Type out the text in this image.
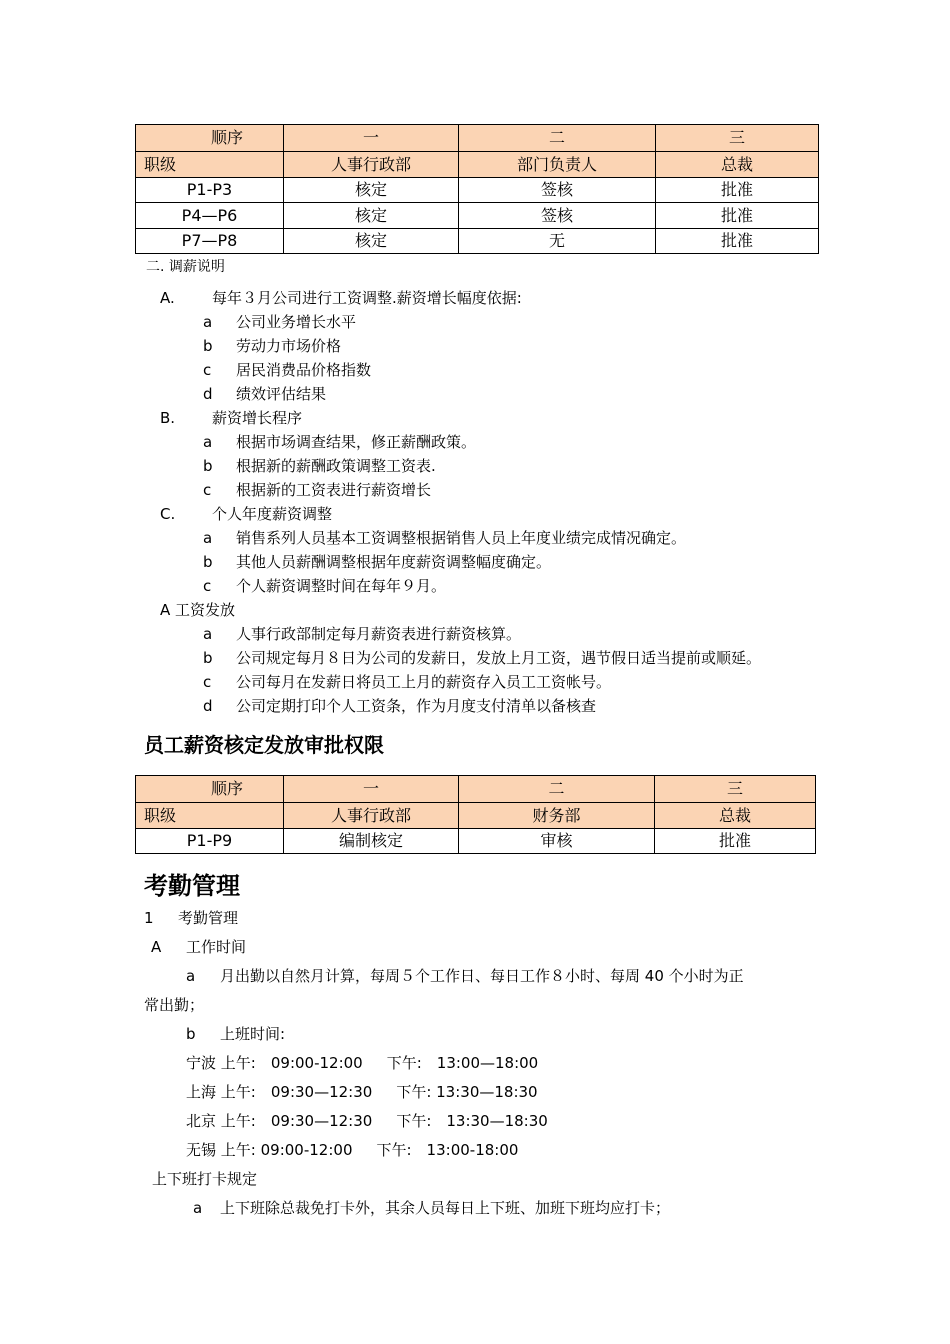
顺序	一	二	三
职级	人事行政部	部门负责人	总裁
P1-P3	核定	签核	批准
P4—P6	核定	签核	批准
P7—P8	核定	无	批准
二. 调薪说明
A. 每年３月公司进行工资调整.薪资增长幅度依据:
a 公司业务增长水平
b 劳动力市场价格
c 居民消费品价格指数
d 绩效评估结果
B. 薪资增长程序
a 根据市场调查结果，修正薪酬政策。
b 根据新的薪酬政策调整工资表.
c 根据新的工资表进行薪资增长
C. 个人年度薪资调整
a 销售系列人员基本工资调整根据销售人员上年度业绩完成情况确定。
b 其他人员薪酬调整根据年度薪资调整幅度确定。
c 个人薪资调整时间在每年９月。
A 工资发放
a 人事行政部制定每月薪资表进行薪资核算。
b 公司规定每月８日为公司的发薪日，发放上月工资，遇节假日适当提前或顺延。
c 公司每月在发薪日将员工上月的薪资存入员工工资帐号。
d 公司定期打印个人工资条，作为月度支付清单以备核查
员工薪资核定发放审批权限
顺序	一	二	三
职级	人事行政部	财务部	总裁
P1-P9	编制核定	审核	批准
考勤管理
1 考勤管理
A 工作时间
a 月出勤以自然月计算，每周５个工作日、每日工作８小时、每周 40 个小时为正
常出勤；
b 上班时间:
宁波 上午:　09:00-12:00 下午:　13:00—18:00
上海 上午:　09:30—12:30 下午: 13:30—18:30
北京 上午:　09:30—12:30 下午:　13:30—18:30
无锡 上午: 09:00-12:00 下午:　13:00-18:00
上下班打卡规定
a 上下班除总裁免打卡外，其余人员每日上下班、加班下班均应打卡；
